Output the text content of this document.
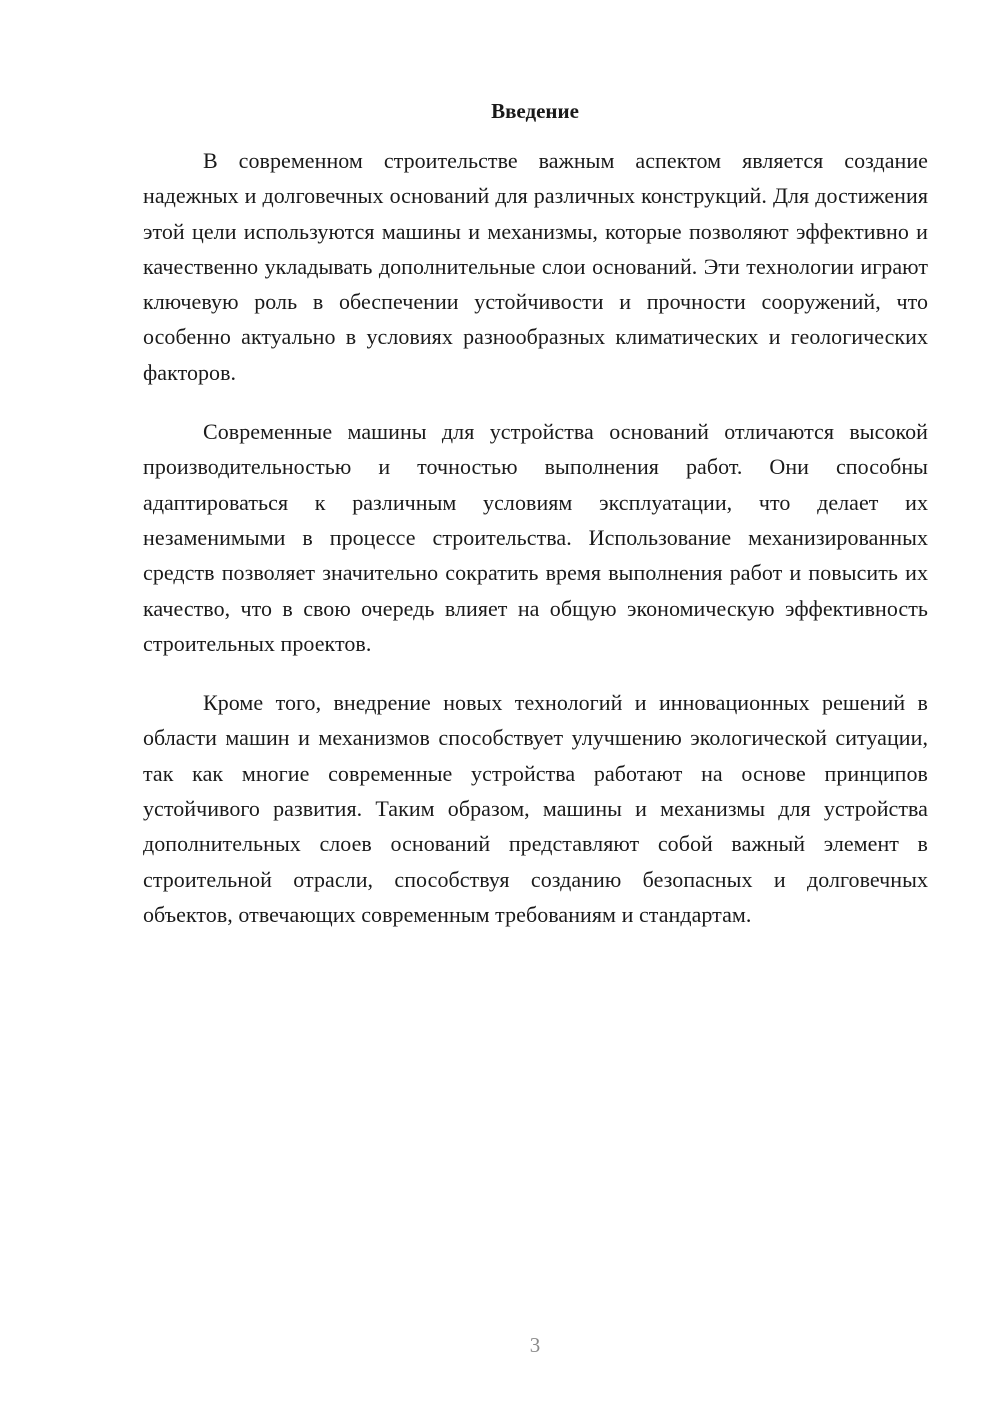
Введение

В современном строительстве важным аспектом является создание надежных и долговечных оснований для различных конструкций. Для достижения этой цели используются машины и механизмы, которые позволяют эффективно и качественно укладывать дополнительные слои оснований. Эти технологии играют ключевую роль в обеспечении устойчивости и прочности сооружений, что особенно актуально в условиях разнообразных климатических и геологических факторов.

Современные машины для устройства оснований отличаются высокой производительностью и точностью выполнения работ. Они способны адаптироваться к различным условиям эксплуатации, что делает их незаменимыми в процессе строительства. Использование механизированных средств позволяет значительно сократить время выполнения работ и повысить их качество, что в свою очередь влияет на общую экономическую эффективность строительных проектов.

Кроме того, внедрение новых технологий и инновационных решений в области машин и механизмов способствует улучшению экологической ситуации, так как многие современные устройства работают на основе принципов устойчивого развития. Таким образом, машины и механизмы для устройства дополнительных слоев оснований представляют собой важный элемент в строительной отрасли, способствуя созданию безопасных и долговечных объектов, отвечающих современным требованиям и стандартам.

3
